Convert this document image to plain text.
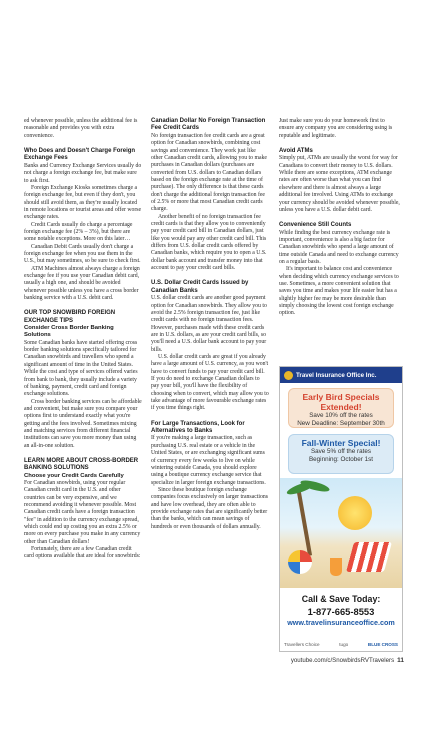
ed whenever possible, unless the additional fee is reasonable and provides you with extra convenience.

Who Does and Doesn't Charge Foreign Exchange Fees

Banks and Currency Exchange Services usually do not charge a foreign exchange fee, but make sure to ask first.

Foreign Exchange Kiosks sometimes charge a foreign exchange fee, but even if they don't, you should still avoid them, as they're usually located in remote locations or tourist areas and offer worse exchange rates.

Credit Cards usually do charge a percentage foreign exchange fee (2% – 3%), but there are some notable exceptions. More on this later…

Canadian Debit Cards usually don't charge a foreign exchange fee when you use them in the U.S., but may sometimes, so be sure to check first.

ATM Machines almost always charge a foreign exchange fee if you use your Canadian debit card, usually a high one, and should be avoided whenever possible unless you have a cross border banking service with a U.S. debit card.

OUR TOP SNOWBIRD FOREIGN EXCHANGE TIPS
Consider Cross Border Banking Solutions

Some Canadian banks have started offering cross border banking solutions specifically tailored for Canadian snowbirds and travellers who spend a significant amount of time in the United States. While the cost and type of services offered varies from bank to bank, they usually include a variety of banking, payment, credit card and foreign exchange solutions.

Cross border banking services can be affordable and convenient, but make sure you compare your options first to understand exactly what you're getting and the fees involved. Sometimes mixing and matching services from different financial institutions can save you more money than using an all-in-one solution.

LEARN MORE ABOUT CROSS-BORDER BANKING SOLUTIONS
Choose your Credit Cards Carefully

For Canadian snowbirds, using your regular Canadian credit card in the U.S. and other countries can be very expensive, and we recommend avoiding it whenever possible. Most Canadian credit cards have a foreign transaction "fee" in addition to the currency exchange spread, which could end up costing you an extra 2.5% or more on every purchase you make in any currency other than Canadian dollars!

Fortunately, there are a few Canadian credit card options available that are ideal for snowbirds:

Canadian Dollar No Foreign Transaction Fee Credit Cards

No foreign transaction fee credit cards are a great option for Canadian snowbirds, combining cost savings and convenience. They work just like other Canadian credit cards, allowing you to make purchases in Canadian dollars (purchases are converted from U.S. dollars to Canadian dollars based on the foreign exchange rate at the time of purchase). The only difference is that these cards don't charge the additional foreign transaction fee of 2.5% or more that most Canadian credit cards charge.

Another benefit of no foreign transaction fee credit cards is that they allow you to conveniently pay your credit card bill in Canadian dollars, just like you would pay any other credit card bill. This differs from U.S. dollar credit cards offered by Canadian banks, which require you to open a U.S. dollar bank account and transfer money into that account to pay your credit card bills.

U.S. Dollar Credit Cards Issued by Canadian Banks

U.S. dollar credit cards are another good payment option for Canadian snowbirds. They allow you to avoid the 2.5% foreign transaction fee, just like credit cards with no foreign transaction fees. However, purchases made with these credit cards are in U.S. dollars, as are your credit card bills, so you'll need a U.S. dollar bank account to pay your bills.

U.S. dollar credit cards are great if you already have a large amount of U.S. currency, as you won't have to convert funds to pay your credit card bill. If you do need to exchange Canadian dollars to pay your bill, you'll have the flexibility of choosing when to convert, which may allow you to take advantage of more favourable exchange rates if you time things right.

For Large Transactions, Look for Alternatives to Banks

If you're making a large transaction, such as purchasing U.S. real estate or a vehicle in the United States, or are exchanging significant sums of currency every few weeks to live on while wintering outside Canada, you should explore using a boutique currency exchange service that specialize in larger foreign exchange transactions.

Since these boutique foreign exchange companies focus exclusively on larger transactions and have low overhead, they are often able to provide exchange rates that are significantly better than the banks, which can mean savings of hundreds or even thousands of dollars annually.

Just make sure you do your homework first to ensure any company you are considering using is reputable and legitimate.

Avoid ATMs

Simply put, ATMs are usually the worst for way for Canadians to convert their money to U.S. dollars. While there are some exceptions, ATM exchange rates are often worse than what you can find elsewhere and there is almost always a large additional fee involved. Using ATMs to exchange your currency should be avoided whenever possible, unless you have a U.S. dollar debit card.

Convenience Still Counts

While finding the best currency exchange rate is important, convenience is also a big factor for Canadian snowbirds who spend a large amount of time outside Canada and need to exchange currency on a regular basis.

It's important to balance cost and convenience when deciding which currency exchange services to use. Sometimes, a more convenient solution that saves you time and makes your life easier but has a slightly higher fee may be more desirable than simply choosing the lowest cost foreign exchange option.

Travel Insurance Office Inc.
Early Bird Specials Extended!
Save 10% off the rates
New Deadline: September 30th
Fall-Winter Special!
Save 5% off the rates
Beginning: October 1st
Call & Save Today:
1-877-665-8553
www.travelinsuranceoffice.com
Travellers Choice	tugo	BLUE CROSS
youtube.com/c/SnowbirdsRVTravelers 11
